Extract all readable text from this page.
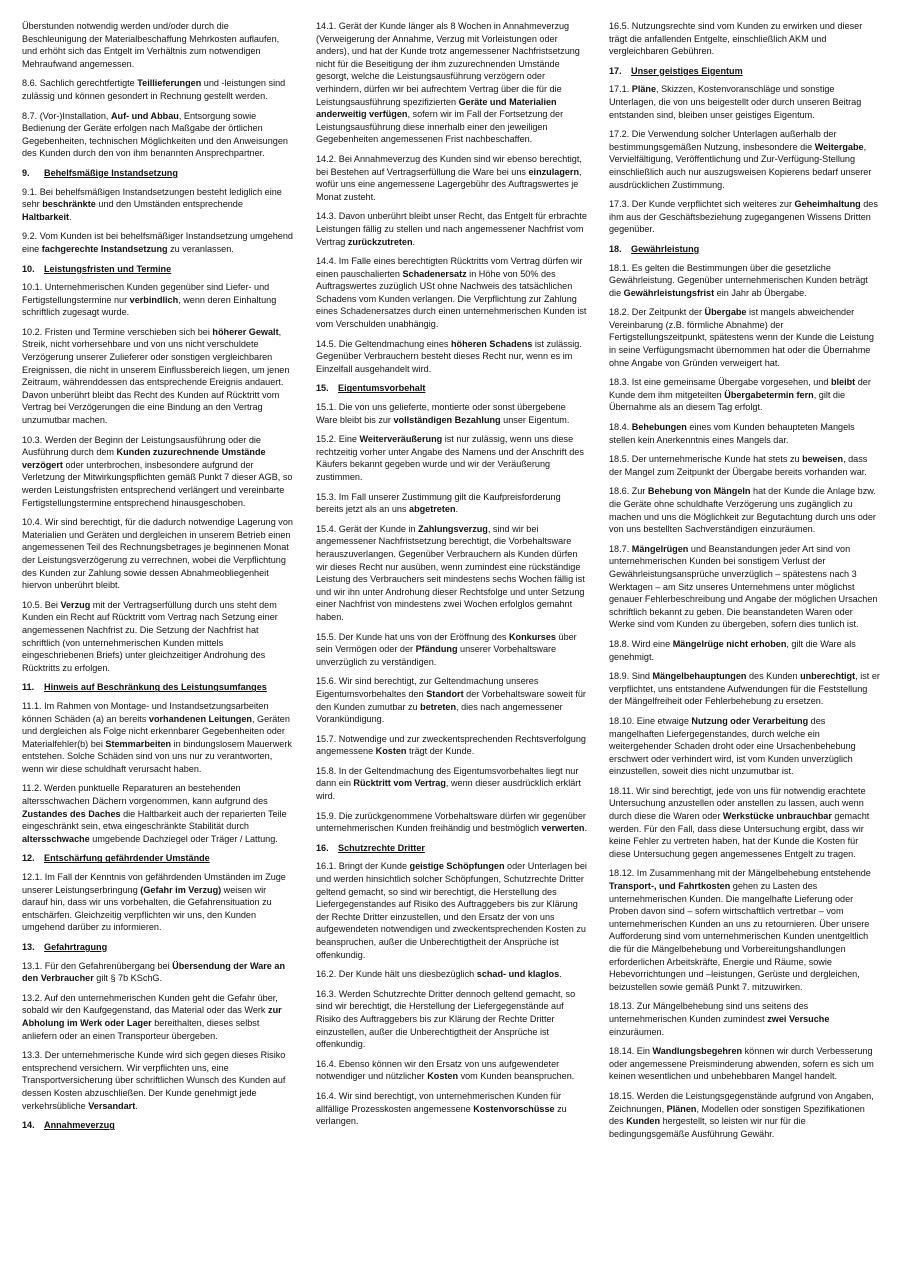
Überstunden notwendig werden und/oder durch die Beschleunigung der Materialbeschaffung Mehrkosten auflaufen, und erhöht sich das Entgelt im Verhältnis zum notwendigen Mehraufwand angemessen.
8.6. Sachlich gerechtfertigte Teillieferungen und -leistungen sind zulässig und können gesondert in Rechnung gestellt werden.
8.7. (Vor-)Installation, Auf- und Abbau, Entsorgung sowie Bedienung der Geräte erfolgen nach Maßgabe der örtlichen Gegebenheiten, technischen Möglichkeiten und den Anweisungen des Kunden durch den von ihm benannten Ansprechpartner.
9. Behelfsmäßige Instandsetzung
9.1. Bei behelfsmäßigen Instandsetzungen besteht lediglich eine sehr beschränkte und den Umständen entsprechende Haltbarkeit.
9.2. Vom Kunden ist bei behelfsmäßiger Instandsetzung umgehend eine fachgerechte Instandsetzung zu veranlassen.
10. Leistungsfristen und Termine
10.1. Unternehmerischen Kunden gegenüber sind Liefer- und Fertigstellungstermine nur verbindlich, wenn deren Einhaltung schriftlich zugesagt wurde.
10.2. Fristen und Termine verschieben sich bei höherer Gewalt, Streik, nicht vorhersehbare und von uns nicht verschuldete Verzögerung unserer Zulieferer oder sonstigen vergleichbaren Ereignissen, die nicht in unserem Einflussbereich liegen, um jenen Zeitraum, währenddessen das entsprechende Ereignis andauert. Davon unberührt bleibt das Recht des Kunden auf Rücktritt vom Vertrag bei Verzögerungen die eine Bindung an den Vertrag unzumutbar machen.
10.3. Werden der Beginn der Leistungsausführung oder die Ausführung durch dem Kunden zuzurechnende Umstände verzögert oder unterbrochen, insbesondere aufgrund der Verletzung der Mitwirkungspflichten gemäß Punkt 7 dieser AGB, so werden Leistungsfristen entsprechend verlängert und vereinbarte Fertigstellungstermine entsprechend hinausgeschoben.
10.4. Wir sind berechtigt, für die dadurch notwendige Lagerung von Materialien und Geräten und dergleichen in unserem Betrieb einen angemessenen Teil des Rechnungsbetrages je beginnenen Monat der Leistungsverzögerung zu verrechnen, wobei die Verpflichtung des Kunden zur Zahlung sowie dessen Abnahmeobliegenheit hiervon unberührt bleibt.
10.5. Bei Verzug mit der Vertragserfüllung durch uns steht dem Kunden ein Recht auf Rücktritt vom Vertrag nach Setzung einer angemessenen Nachfrist zu. Die Setzung der Nachfrist hat schriftlich (von unternehmerischen Kunden mittels eingeschriebenen Briefs) unter gleichzeitiger Androhung des Rücktritts zu erfolgen.
11. Hinweis auf Beschränkung des Leistungsumfanges
11.1. Im Rahmen von Montage- und Instandsetzungsarbeiten können Schäden (a) an bereits vorhandenen Leitungen, Geräten und dergleichen als Folge nicht erkennbarer Gegebenheiten oder Materialfehler(b) bei Stemmarbeiten in bindungslosem Mauerwerk entstehen. Solche Schäden sind von uns nur zu verantworten, wenn wir diese schuldhaft verursacht haben.
11.2. Werden punktuelle Reparaturen an bestehenden altersschwachen Dächern vorgenommen, kann aufgrund des Zustandes des Daches die Haltbarkeit auch der reparierten Teile eingeschränkt sein, etwa eingeschränkte Stabilität durch altersschwache umgebende Dachziegel oder Träger / Lattung.
12. Entschärfung gefährdender Umstände
12.1. Im Fall der Kenntnis von gefährdenden Umständen im Zuge unserer Leistungserbringung (Gefahr im Verzug) weisen wir darauf hin, dass wir uns vorbehalten, die Gefahrensituation zu entschärfen. Gleichzeitig verpflichten wir uns, den Kunden umgehend darüber zu informieren.
13. Gefahrtragung
13.1. Für den Gefahrenübergang bei Übersendung der Ware an den Verbraucher gilt § 7b KSchG.
13.2. Auf den unternehmerischen Kunden geht die Gefahr über, sobald wir den Kaufgegenstand, das Material oder das Werk zur Abholung im Werk oder Lager bereithalten, dieses selbst anliefern oder an einen Transporteur übergeben.
13.3. Der unternehmerische Kunde wird sich gegen dieses Risiko entsprechend versichern. Wir verpflichten uns, eine Transportversicherung über schriftlichen Wunsch des Kunden auf dessen Kosten abzuschließen. Der Kunde genehmigt jede verkehrsübliche Versandart.
14. Annahmeverzug
14.1. Gerät der Kunde länger als 8 Wochen in Annahmeverzug (Verweigerung der Annahme, Verzug mit Vorleistungen oder anders), und hat der Kunde trotz angemessener Nachfristsetzung nicht für die Beseitigung der ihm zuzurechnenden Umstände gesorgt, welche die Leistungsausführung verzögern oder verhindern, dürfen wir bei aufrechtem Vertrag über die für die Leistungsausführung spezifizierten Geräte und Materialien anderweitig verfügen, sofern wir im Fall der Fortsetzung der Leistungsausführung diese innerhalb einer den jeweiligen Gegebenheiten angemessenen Frist nachbeschaffen.
14.2. Bei Annahmeverzug des Kunden sind wir ebenso berechtigt, bei Bestehen auf Vertragserfüllung die Ware bei uns einzulagern, wofür uns eine angemessene Lagergebühr des Auftragswertes je Monat zusteht.
14.3. Davon unberührt bleibt unser Recht, das Entgelt für erbrachte Leistungen fällig zu stellen und nach angemessener Nachfrist vom Vertrag zurückzutreten.
14.4. Im Falle eines berechtigten Rücktritts vom Vertrag dürfen wir einen pauschalierten Schadenersatz in Höhe von 50% des Auftragswertes zuzüglich USt ohne Nachweis des tatsächlichen Schadens vom Kunden verlangen. Die Verpflichtung zur Zahlung eines Schadenersatzes durch einen unternehmerischen Kunden ist vom Verschulden unabhängig.
14.5. Die Geltendmachung eines höheren Schadens ist zulässig. Gegenüber Verbrauchern besteht dieses Recht nur, wenn es im Einzelfall ausgehandelt wird.
15. Eigentumsvorbehalt
15.1. Die von uns gelieferte, montierte oder sonst übergebene Ware bleibt bis zur vollständigen Bezahlung unser Eigentum.
15.2. Eine Weiterveräußerung ist nur zulässig, wenn uns diese rechtzeitig vorher unter Angabe des Namens und der Anschrift des Käufers bekannt gegeben wurde und wir der Veräußerung zustimmen.
15.3. Im Fall unserer Zustimmung gilt die Kaufpreisforderung bereits jetzt als an uns abgetreten.
15.4. Gerät der Kunde in Zahlungsverzug, sind wir bei angemessener Nachfristsetzung berechtigt, die Vorbehaltsware herauszuverlangen. Gegenüber Verbrauchern als Kunden dürfen wir dieses Recht nur ausüben, wenn zumindest eine rückständige Leistung des Verbrauchers seit mindestens sechs Wochen fällig ist und wir ihn unter Androhung dieser Rechtsfolge und unter Setzung einer Nachfrist von mindestens zwei Wochen erfolglos gemahnt haben.
15.5. Der Kunde hat uns von der Eröffnung des Konkurses über sein Vermögen oder der Pfändung unserer Vorbehaltsware unverzüglich zu verständigen.
15.6. Wir sind berechtigt, zur Geltendmachung unseres Eigentumsvorbehaltes den Standort der Vorbehaltsware soweit für den Kunden zumutbar zu betreten, dies nach angemessener Vorankündigung.
15.7. Notwendige und zur zweckentsprechenden Rechtsverfolgung angemessene Kosten trägt der Kunde.
15.8. In der Geltendmachung des Eigentumsvorbehaltes liegt nur dann ein Rücktritt vom Vertrag, wenn dieser ausdrücklich erklärt wird.
15.9. Die zurückgenommene Vorbehaltsware dürfen wir gegenüber unternehmerischen Kunden freihändig und bestmöglich verwerten.
16. Schutzrechte Dritter
16.1. Bringt der Kunde geistige Schöpfungen oder Unterlagen bei und werden hinsichtlich solcher Schöpfungen, Schutzrechte Dritter geltend gemacht, so sind wir berechtigt, die Herstellung des Liefergegenstandes auf Risiko des Auftraggebers bis zur Klärung der Rechte Dritter einzustellen, und den Ersatz der von uns aufgewendeten notwendigen und zweckentsprechenden Kosten zu beanspruchen, außer die Unberechtigtheit der Ansprüche ist offenkundig.
16.2. Der Kunde hält uns diesbezüglich schad- und klaglos.
16.3. Werden Schutzrechte Dritter dennoch geltend gemacht, so sind wir berechtigt, die Herstellung der Liefergegenstände auf Risiko des Auftraggebers bis zur Klärung der Rechte Dritter einzustellen, außer die Unberechtigtheit der Ansprüche ist offenkundig.
16.4. Ebenso können wir den Ersatz von uns aufgewendeter notwendiger und nützlicher Kosten vom Kunden beanspruchen.
16.4. Wir sind berechtigt, von unternehmerischen Kunden für allfällige Prozesskosten angemessene Kostenvorschüsse zu verlangen.
16.5. Nutzungsrechte sind vom Kunden zu erwirken und dieser trägt die anfallenden Entgelte, einschließlich AKM und vergleichbaren Gebühren.
17. Unser geistiges Eigentum
17.1. Pläne, Skizzen, Kostenvoranschläge und sonstige Unterlagen, die von uns beigestellt oder durch unseren Beitrag entstanden sind, bleiben unser geistiges Eigentum.
17.2. Die Verwendung solcher Unterlagen außerhalb der bestimmungsgemäßen Nutzung, insbesondere die Weitergabe, Vervielfältigung, Veröffentlichung und Zur-Verfügung-Stellung einschließlich auch nur auszugsweisen Kopierens bedarf unserer ausdrücklichen Zustimmung.
17.3. Der Kunde verpflichtet sich weiteres zur Geheimhaltung des ihm aus der Geschäftsbeziehung zugegangenen Wissens Dritten gegenüber.
18. Gewährleistung
18.1. Es gelten die Bestimmungen über die gesetzliche Gewährleistung. Gegenüber unternehmerischen Kunden beträgt die Gewährleistungsfrist ein Jahr ab Übergabe.
18.2. Der Zeitpunkt der Übergabe ist mangels abweichender Vereinbarung (z.B. förmliche Abnahme) der Fertigstellungszeitpunkt, spätestens wenn der Kunde die Leistung in seine Verfügungsmacht übernommen hat oder die Übernahme ohne Angabe von Gründen verweigert hat.
18.3. Ist eine gemeinsame Übergabe vorgesehen, und bleibt der Kunde dem ihm mitgeteilten Übergabetermin fern, gilt die Übernahme als an diesem Tag erfolgt.
18.4. Behebungen eines vom Kunden behaupteten Mangels stellen kein Anerkenntnis eines Mangels dar.
18.5. Der unternehmerische Kunde hat stets zu beweisen, dass der Mangel zum Zeitpunkt der Übergabe bereits vorhanden war.
18.6. Zur Behebung von Mängeln hat der Kunde die Anlage bzw. die Geräte ohne schuldhafte Verzögerung uns zugänglich zu machen und uns die Möglichkeit zur Begutachtung durch uns oder von uns bestellten Sachverständigen einzuräumen.
18.7. Mängelrügen und Beanstandungen jeder Art sind von unternehmerischen Kunden bei sonstigem Verlust der Gewährleistungsansprüche unverzüglich – spätestens nach 3 Werktagen – am Sitz unseres Unternehmens unter möglichst genauer Fehlerbeschreibung und Angabe der möglichen Ursachen schriftlich bekannt zu geben. Die beanstandeten Waren oder Werke sind vom Kunden zu übergeben, sofern dies tunlich ist.
18.8. Wird eine Mängelrüge nicht erhoben, gilt die Ware als genehmigt.
18.9. Sind Mängelbehauptungen des Kunden unberechtigt, ist er verpflichtet, uns entstandene Aufwendungen für die Feststellung der Mängelfreiheit oder Fehlerbehebung zu ersetzen.
18.10. Eine etwaige Nutzung oder Verarbeitung des mangelhaften Liefergegenstandes, durch welche ein weitergehender Schaden droht oder eine Ursachenbehebung erschwert oder verhindert wird, ist vom Kunden unverzüglich einzustellen, soweit dies nicht unzumutbar ist.
18.11. Wir sind berechtigt, jede von uns für notwendig erachtete Untersuchung anzustellen oder anstellen zu lassen, auch wenn durch diese die Waren oder Werkstücke unbrauchbar gemacht werden. Für den Fall, dass diese Untersuchung ergibt, dass wir keine Fehler zu vertreten haben, hat der Kunde die Kosten für diese Untersuchung gegen angemessenes Entgelt zu tragen.
18.12. Im Zusammenhang mit der Mängelbehebung entstehende Transport-, und Fahrtkosten gehen zu Lasten des unternehmerischen Kunden. Die mangelhafte Lieferung oder Proben davon sind – sofern wirtschaftlich vertretbar – vom unternehmerischen Kunden an uns zu retournieren. Über unsere Aufforderung sind vom unternehmerischen Kunden unentgeltlich die für die Mängelbehebung und Vorbereitungshandlungen erforderlichen Arbeitskräfte, Energie und Räume, sowie Hebevorrichtungen und –leistungen, Gerüste und dergleichen, beizustellen sowie gemäß Punkt 7. mitzuwirken.
18.13. Zur Mängelbehebung sind uns seitens des unternehmerischen Kunden zumindest zwei Versuche einzuräumen.
18.14. Ein Wandlungsbegehren können wir durch Verbesserung oder angemessene Preisminderung abwenden, sofern es sich um keinen wesentlichen und unbehebbaren Mangel handelt.
18.15. Werden die Leistungsgegenstände aufgrund von Angaben, Zeichnungen, Plänen, Modellen oder sonstigen Spezifikationen des Kunden hergestellt, so leisten wir nur für die bedingungsgemäße Ausführung Gewähr.
